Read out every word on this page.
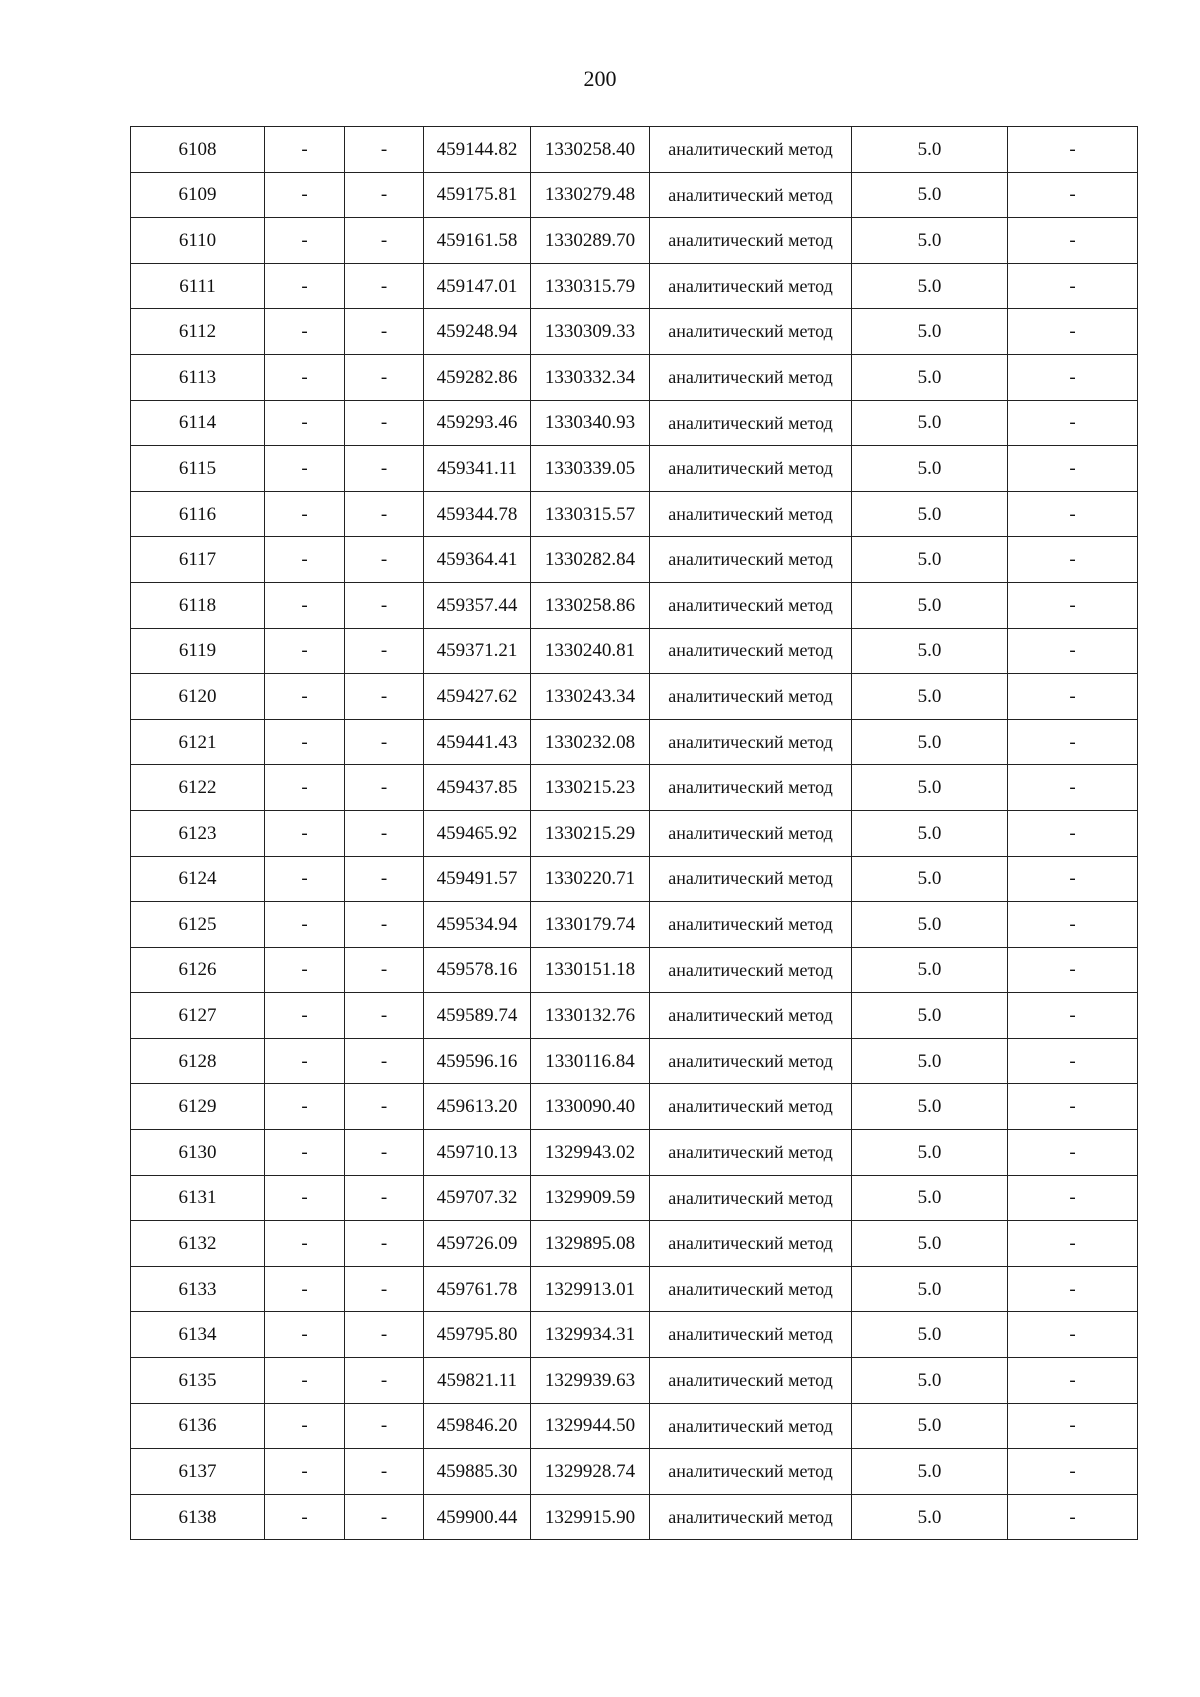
200
6108	-	-	459144.82	1330258.40	аналитический метод	5.0	-
6109	-	-	459175.81	1330279.48	аналитический метод	5.0	-
6110	-	-	459161.58	1330289.70	аналитический метод	5.0	-
6111	-	-	459147.01	1330315.79	аналитический метод	5.0	-
6112	-	-	459248.94	1330309.33	аналитический метод	5.0	-
6113	-	-	459282.86	1330332.34	аналитический метод	5.0	-
6114	-	-	459293.46	1330340.93	аналитический метод	5.0	-
6115	-	-	459341.11	1330339.05	аналитический метод	5.0	-
6116	-	-	459344.78	1330315.57	аналитический метод	5.0	-
6117	-	-	459364.41	1330282.84	аналитический метод	5.0	-
6118	-	-	459357.44	1330258.86	аналитический метод	5.0	-
6119	-	-	459371.21	1330240.81	аналитический метод	5.0	-
6120	-	-	459427.62	1330243.34	аналитический метод	5.0	-
6121	-	-	459441.43	1330232.08	аналитический метод	5.0	-
6122	-	-	459437.85	1330215.23	аналитический метод	5.0	-
6123	-	-	459465.92	1330215.29	аналитический метод	5.0	-
6124	-	-	459491.57	1330220.71	аналитический метод	5.0	-
6125	-	-	459534.94	1330179.74	аналитический метод	5.0	-
6126	-	-	459578.16	1330151.18	аналитический метод	5.0	-
6127	-	-	459589.74	1330132.76	аналитический метод	5.0	-
6128	-	-	459596.16	1330116.84	аналитический метод	5.0	-
6129	-	-	459613.20	1330090.40	аналитический метод	5.0	-
6130	-	-	459710.13	1329943.02	аналитический метод	5.0	-
6131	-	-	459707.32	1329909.59	аналитический метод	5.0	-
6132	-	-	459726.09	1329895.08	аналитический метод	5.0	-
6133	-	-	459761.78	1329913.01	аналитический метод	5.0	-
6134	-	-	459795.80	1329934.31	аналитический метод	5.0	-
6135	-	-	459821.11	1329939.63	аналитический метод	5.0	-
6136	-	-	459846.20	1329944.50	аналитический метод	5.0	-
6137	-	-	459885.30	1329928.74	аналитический метод	5.0	-
6138	-	-	459900.44	1329915.90	аналитический метод	5.0	-
